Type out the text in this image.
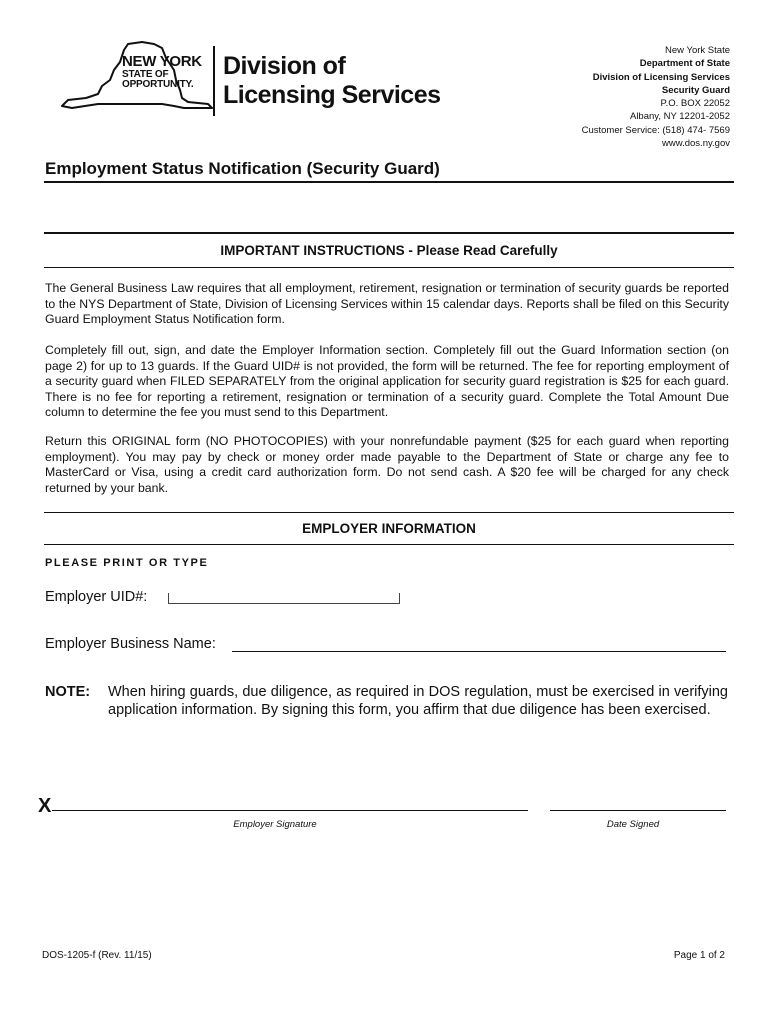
NEW YORK
STATE OF
OPPORTUNITY.
Division of
Licensing Services
New York State
Department of State
Division of Licensing Services
Security Guard
P.O. BOX 22052
Albany, NY 12201-2052
Customer Service: (518) 474- 7569
www.dos.ny.gov
Employment Status Notification (Security Guard)
IMPORTANT INSTRUCTIONS - Please Read Carefully
The General Business Law requires that all employment, retirement, resignation or termination of security guards be reported to the NYS Department of State, Division of Licensing Services within 15 calendar days. Reports shall be filed on this Security Guard Employment Status Notification form.
Completely fill out, sign, and date the Employer Information section. Completely fill out the Guard Information section (on page 2) for up to 13 guards. If the Guard UID# is not provided, the form will be returned. The fee for reporting employment of a security guard when FILED SEPARATELY from the original application for security guard registration is $25 for each guard. There is no fee for reporting a retirement, resignation or termination of a security guard. Complete the Total Amount Due column to determine the fee you must send to this Department.
Return this ORIGINAL form (NO PHOTOCOPIES) with your nonrefundable payment ($25 for each guard when reporting employment). You may pay by check or money order made payable to the Department of State or charge any fee to MasterCard or Visa, using a credit card authorization form. Do not send cash. A $20 fee will be charged for any check returned by your bank.
EMPLOYER INFORMATION
PLEASE PRINT OR TYPE
Employer UID#:
Employer Business Name:
NOTE: When hiring guards, due diligence, as required in DOS regulation, must be exercised in verifying application information. By signing this form, you affirm that due diligence has been exercised.
X
Employer Signature	Date Signed
DOS-1205-f (Rev. 11/15)	Page 1 of 2
